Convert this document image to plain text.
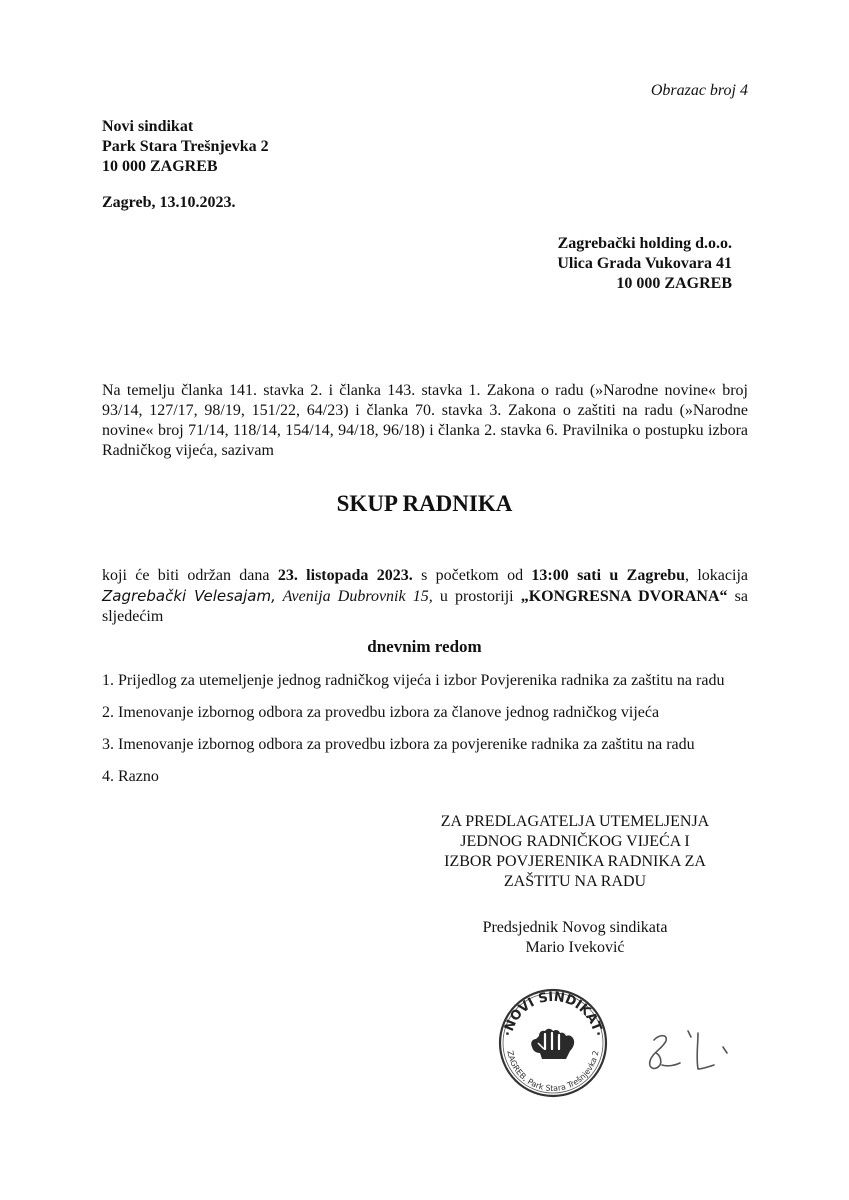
Obrazac broj 4
Novi sindikat
Park Stara Trešnjevka 2
10 000 ZAGREB
Zagreb, 13.10.2023.
Zagrebački holding d.o.o.
Ulica Grada Vukovara 41
10 000 ZAGREB
Na temelju članka 141. stavka 2. i članka 143. stavka 1. Zakona o radu (»Narodne novine« broj 93/14, 127/17, 98/19, 151/22, 64/23) i članka 70. stavka 3. Zakona o zaštiti na radu (»Narodne novine« broj 71/14, 118/14, 154/14, 94/18, 96/18) i članka 2. stavka 6. Pravilnika o postupku izbora Radničkog vijeća, sazivam
SKUP RADNIKA
koji će biti održan dana 23. listopada 2023. s početkom od 13:00 sati u Zagrebu, lokacija Zagrebački Velesajam, Avenija Dubrovnik 15, u prostoriji „KONGRESNA DVORANA“ sa sljedećim
dnevnim redom
1. Prijedlog za utemeljenje jednog radničkog vijeća i izbor Povjerenika radnika za zaštitu na radu
2. Imenovanje izbornog odbora za provedbu izbora za članove jednog radničkog vijeća
3. Imenovanje izbornog odbora za provedbu izbora za povjerenike radnika za zaštitu na radu
4. Razno
ZA PREDLAGATELJA UTEMELJENJA
JEDNOG RADNIČKOG VIJEĆA I
IZBOR POVJERENIKA RADNIKA ZA
ZAŠTITU NA RADU
Predsjednik Novog sindikata
Mario Iveković
·NOVI SINDIKAT·
ZAGREB, Park Stara Trešnjevka 2
